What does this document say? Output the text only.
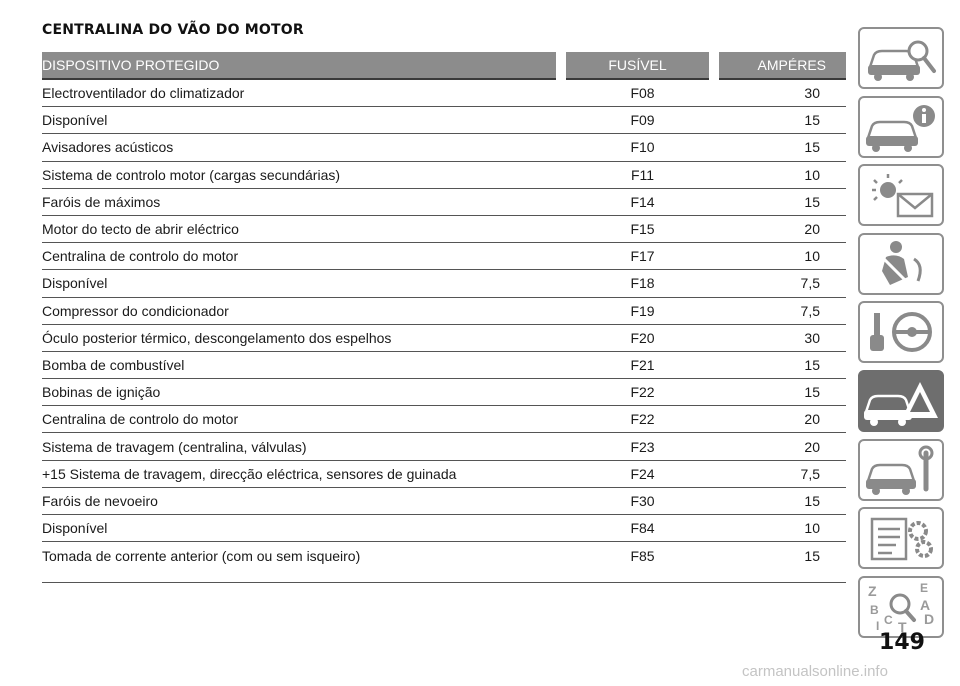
CENTRALINA DO VÃO DO MOTOR
DISPOSITIVO PROTEGIDO	FUSÍVEL	AMPÉRES
Electroventilador do climatizador	F08	30
Disponível	F09	15
Avisadores acústicos	F10	15
Sistema de controlo motor (cargas secundárias)	F11	10
Faróis de máximos	F14	15
Motor do tecto de abrir eléctrico	F15	20
Centralina de controlo do motor	F17	10
Disponível	F18	7,5
Compressor do condicionador	F19	7,5
Óculo posterior térmico, descongelamento dos espelhos	F20	30
Bomba de combustível	F21	15
Bobinas de ignição	F22	15
Centralina de controlo do motor	F22	20
Sistema de travagem (centralina, válvulas)	F23	20
+15 Sistema de travagem, direcção eléctrica, sensores de guinada	F24	7,5
Faróis de nevoeiro	F30	15
Disponível	F84	10
Tomada de corrente anterior (com ou sem isqueiro)	F85	15
Z	E
A
B
C T D
I
149
carmanualsonline.info
